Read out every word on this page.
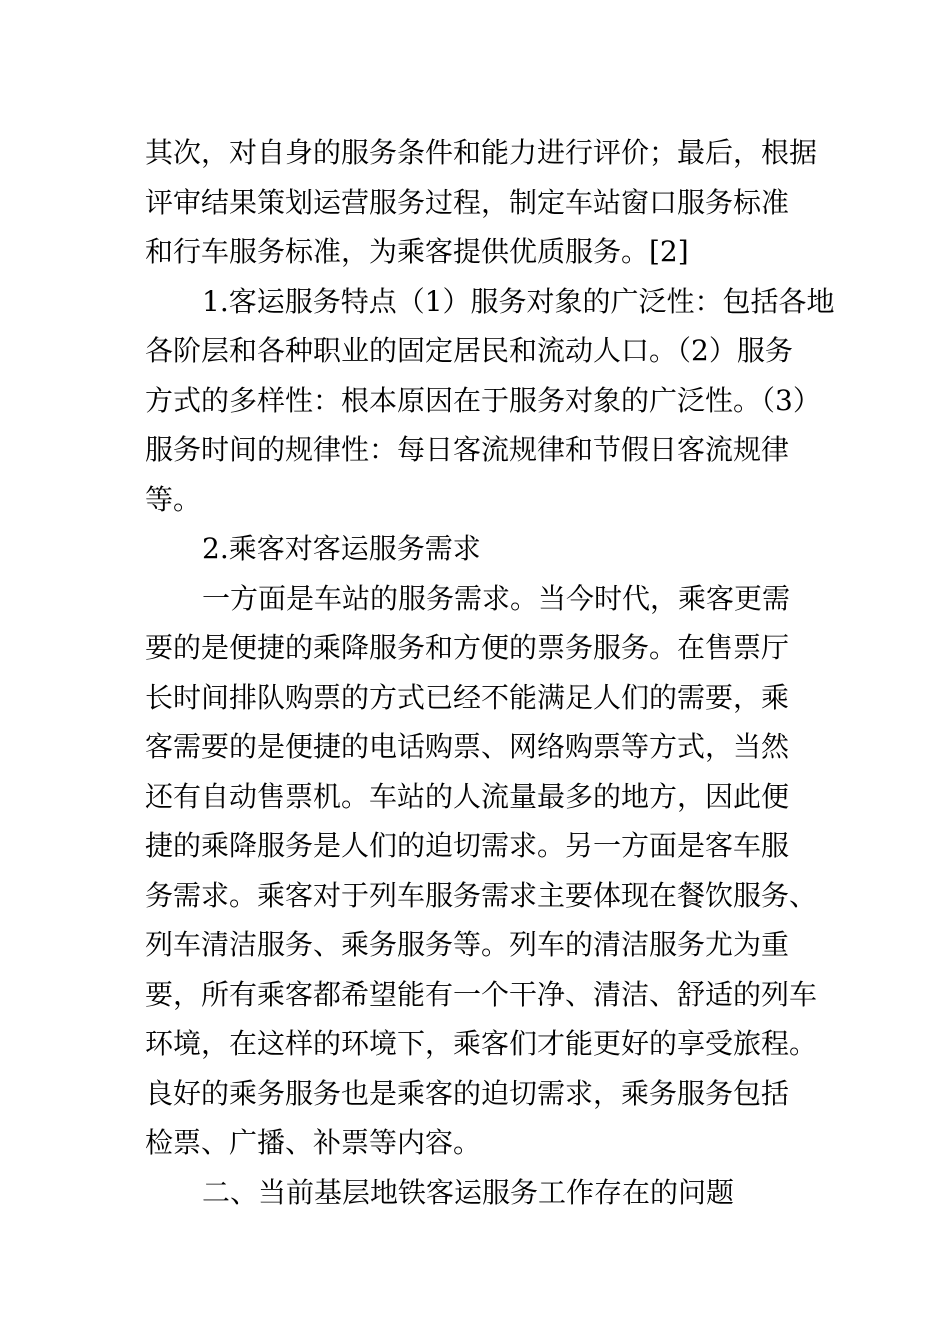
其次，对自身的服务条件和能力进行评价；最后，根据
评审结果策划运营服务过程，制定车站窗口服务标准
和行车服务标准，为乘客提供优质服务。[2]
1.客运服务特点（1）服务对象的广泛性：包括各地
各阶层和各种职业的固定居民和流动人口。（2）服务
方式的多样性：根本原因在于服务对象的广泛性。（3）
服务时间的规律性：每日客流规律和节假日客流规律
等。
2.乘客对客运服务需求
一方面是车站的服务需求。当今时代，乘客更需
要的是便捷的乘降服务和方便的票务服务。在售票厅
长时间排队购票的方式已经不能满足人们的需要，乘
客需要的是便捷的电话购票、网络购票等方式，当然
还有自动售票机。车站的人流量最多的地方，因此便
捷的乘降服务是人们的迫切需求。另一方面是客车服
务需求。乘客对于列车服务需求主要体现在餐饮服务、
列车清洁服务、乘务服务等。列车的清洁服务尤为重
要，所有乘客都希望能有一个干净、清洁、舒适的列车
环境，在这样的环境下，乘客们才能更好的享受旅程。
良好的乘务服务也是乘客的迫切需求，乘务服务包括
检票、广播、补票等内容。
二、当前基层地铁客运服务工作存在的问题
